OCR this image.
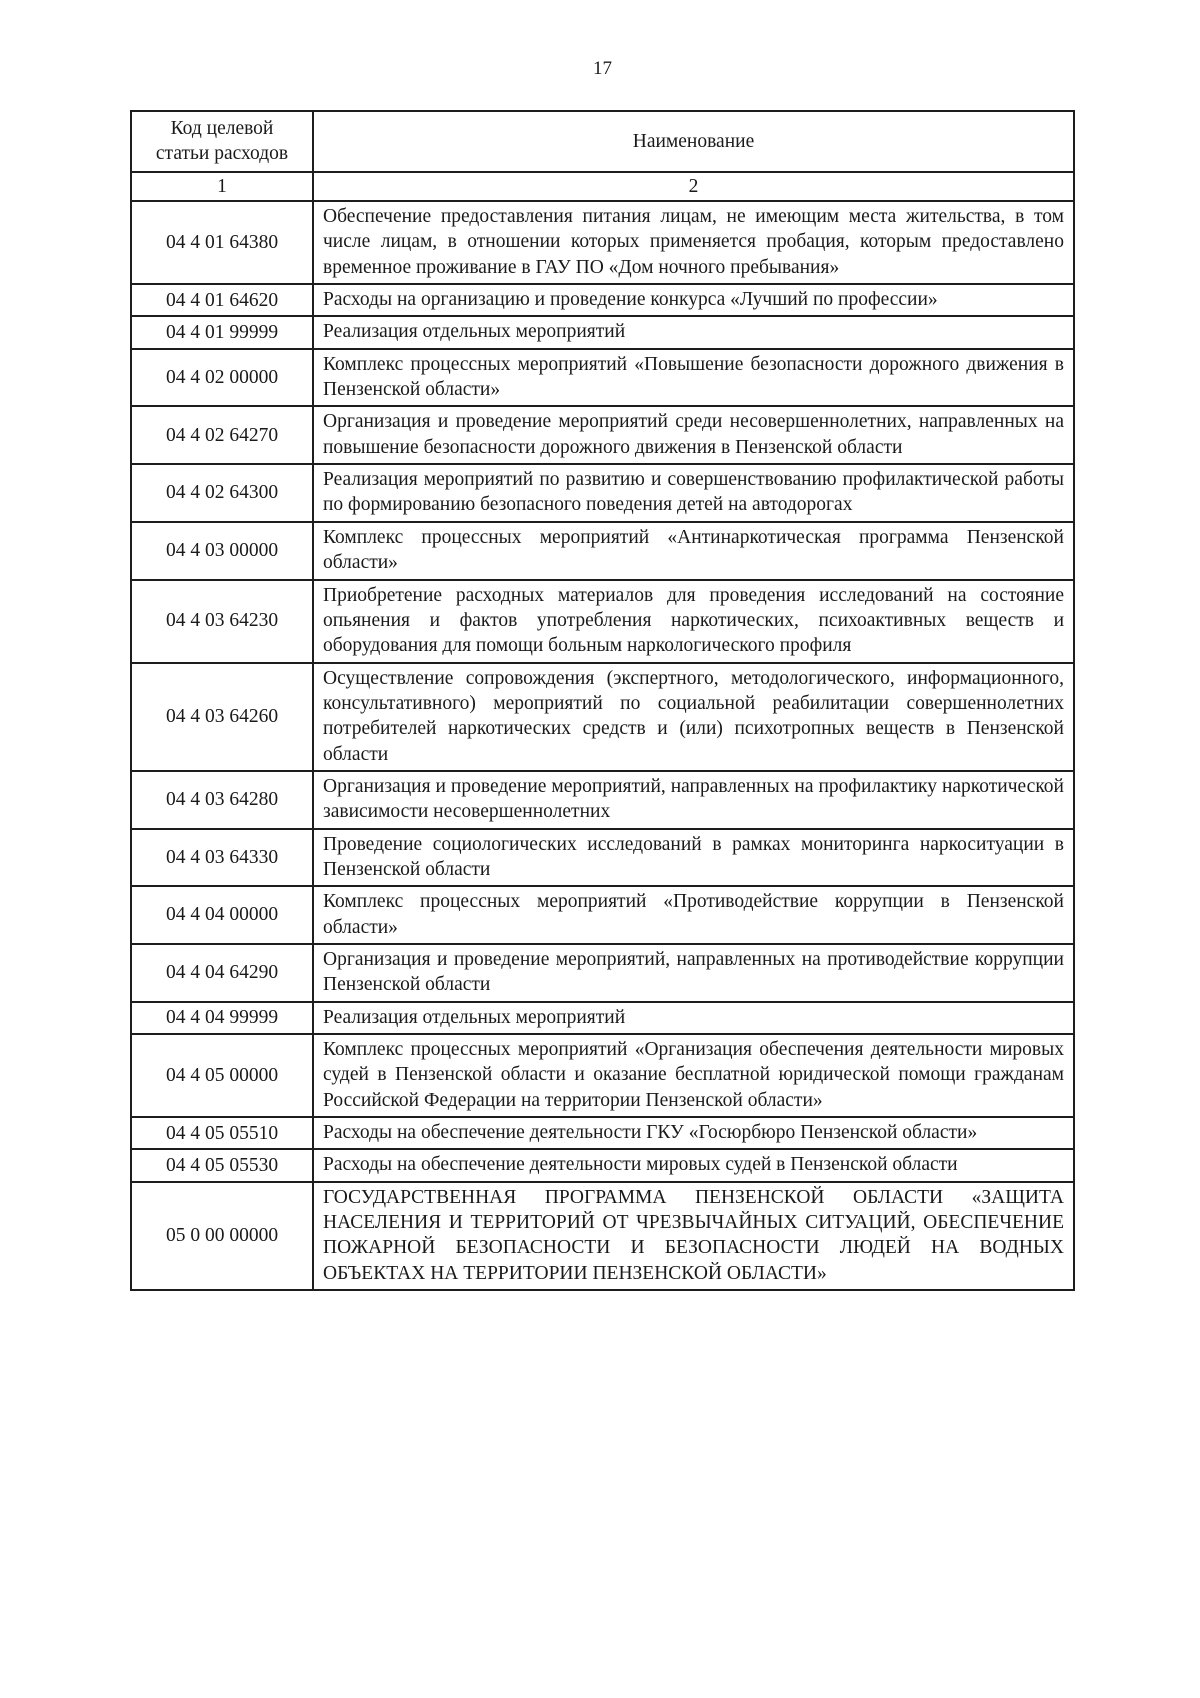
17
Код целевой статьи расходов	Наименование
1	2
04 4 01 64380	Обеспечение предоставления питания лицам, не имеющим места жительства, в том числе лицам, в отношении которых применяется пробация, которым предоставлено временное проживание в ГАУ ПО «Дом ночного пребывания»
04 4 01 64620	Расходы на организацию и проведение конкурса «Лучший по профессии»
04 4 01 99999	Реализация отдельных мероприятий
04 4 02 00000	Комплекс процессных мероприятий «Повышение безопасности дорожного движения в Пензенской области»
04 4 02 64270	Организация и проведение мероприятий среди несовершеннолетних, направленных на повышение безопасности дорожного движения в Пензенской области
04 4 02 64300	Реализация мероприятий по развитию и совершенствованию профилактической работы по формированию безопасного поведения детей на автодорогах
04 4 03 00000	Комплекс процессных мероприятий «Антинаркотическая программа Пензенской области»
04 4 03 64230	Приобретение расходных материалов для проведения исследований на состояние опьянения и фактов употребления наркотических, психоактивных веществ и оборудования для помощи больным наркологического профиля
04 4 03 64260	Осуществление сопровождения (экспертного, методологического, информационного, консультативного) мероприятий по социальной реабилитации совершеннолетних потребителей наркотических средств и (или) психотропных веществ в Пензенской области
04 4 03 64280	Организация и проведение мероприятий, направленных на профилактику наркотической зависимости несовершеннолетних
04 4 03 64330	Проведение социологических исследований в рамках мониторинга наркоситуации в Пензенской области
04 4 04 00000	Комплекс процессных мероприятий «Противодействие коррупции в Пензенской области»
04 4 04 64290	Организация и проведение мероприятий, направленных на противодействие коррупции Пензенской области
04 4 04 99999	Реализация отдельных мероприятий
04 4 05 00000	Комплекс процессных мероприятий «Организация обеспечения деятельности мировых судей в Пензенской области и оказание бесплатной юридической помощи гражданам Российской Федерации на территории Пензенской области»
04 4 05 05510	Расходы на обеспечение деятельности ГКУ «Госюрбюро Пензенской области»
04 4 05 05530	Расходы на обеспечение деятельности мировых судей в Пензенской области
05 0 00 00000	ГОСУДАРСТВЕННАЯ ПРОГРАММА ПЕНЗЕНСКОЙ ОБЛАСТИ «ЗАЩИТА НАСЕЛЕНИЯ И ТЕРРИТОРИЙ ОТ ЧРЕЗВЫЧАЙНЫХ СИТУАЦИЙ, ОБЕСПЕЧЕНИЕ ПОЖАРНОЙ БЕЗОПАСНОСТИ И БЕЗОПАСНОСТИ ЛЮДЕЙ НА ВОДНЫХ ОБЪЕКТАХ НА ТЕРРИТОРИИ ПЕНЗЕНСКОЙ ОБЛАСТИ»
